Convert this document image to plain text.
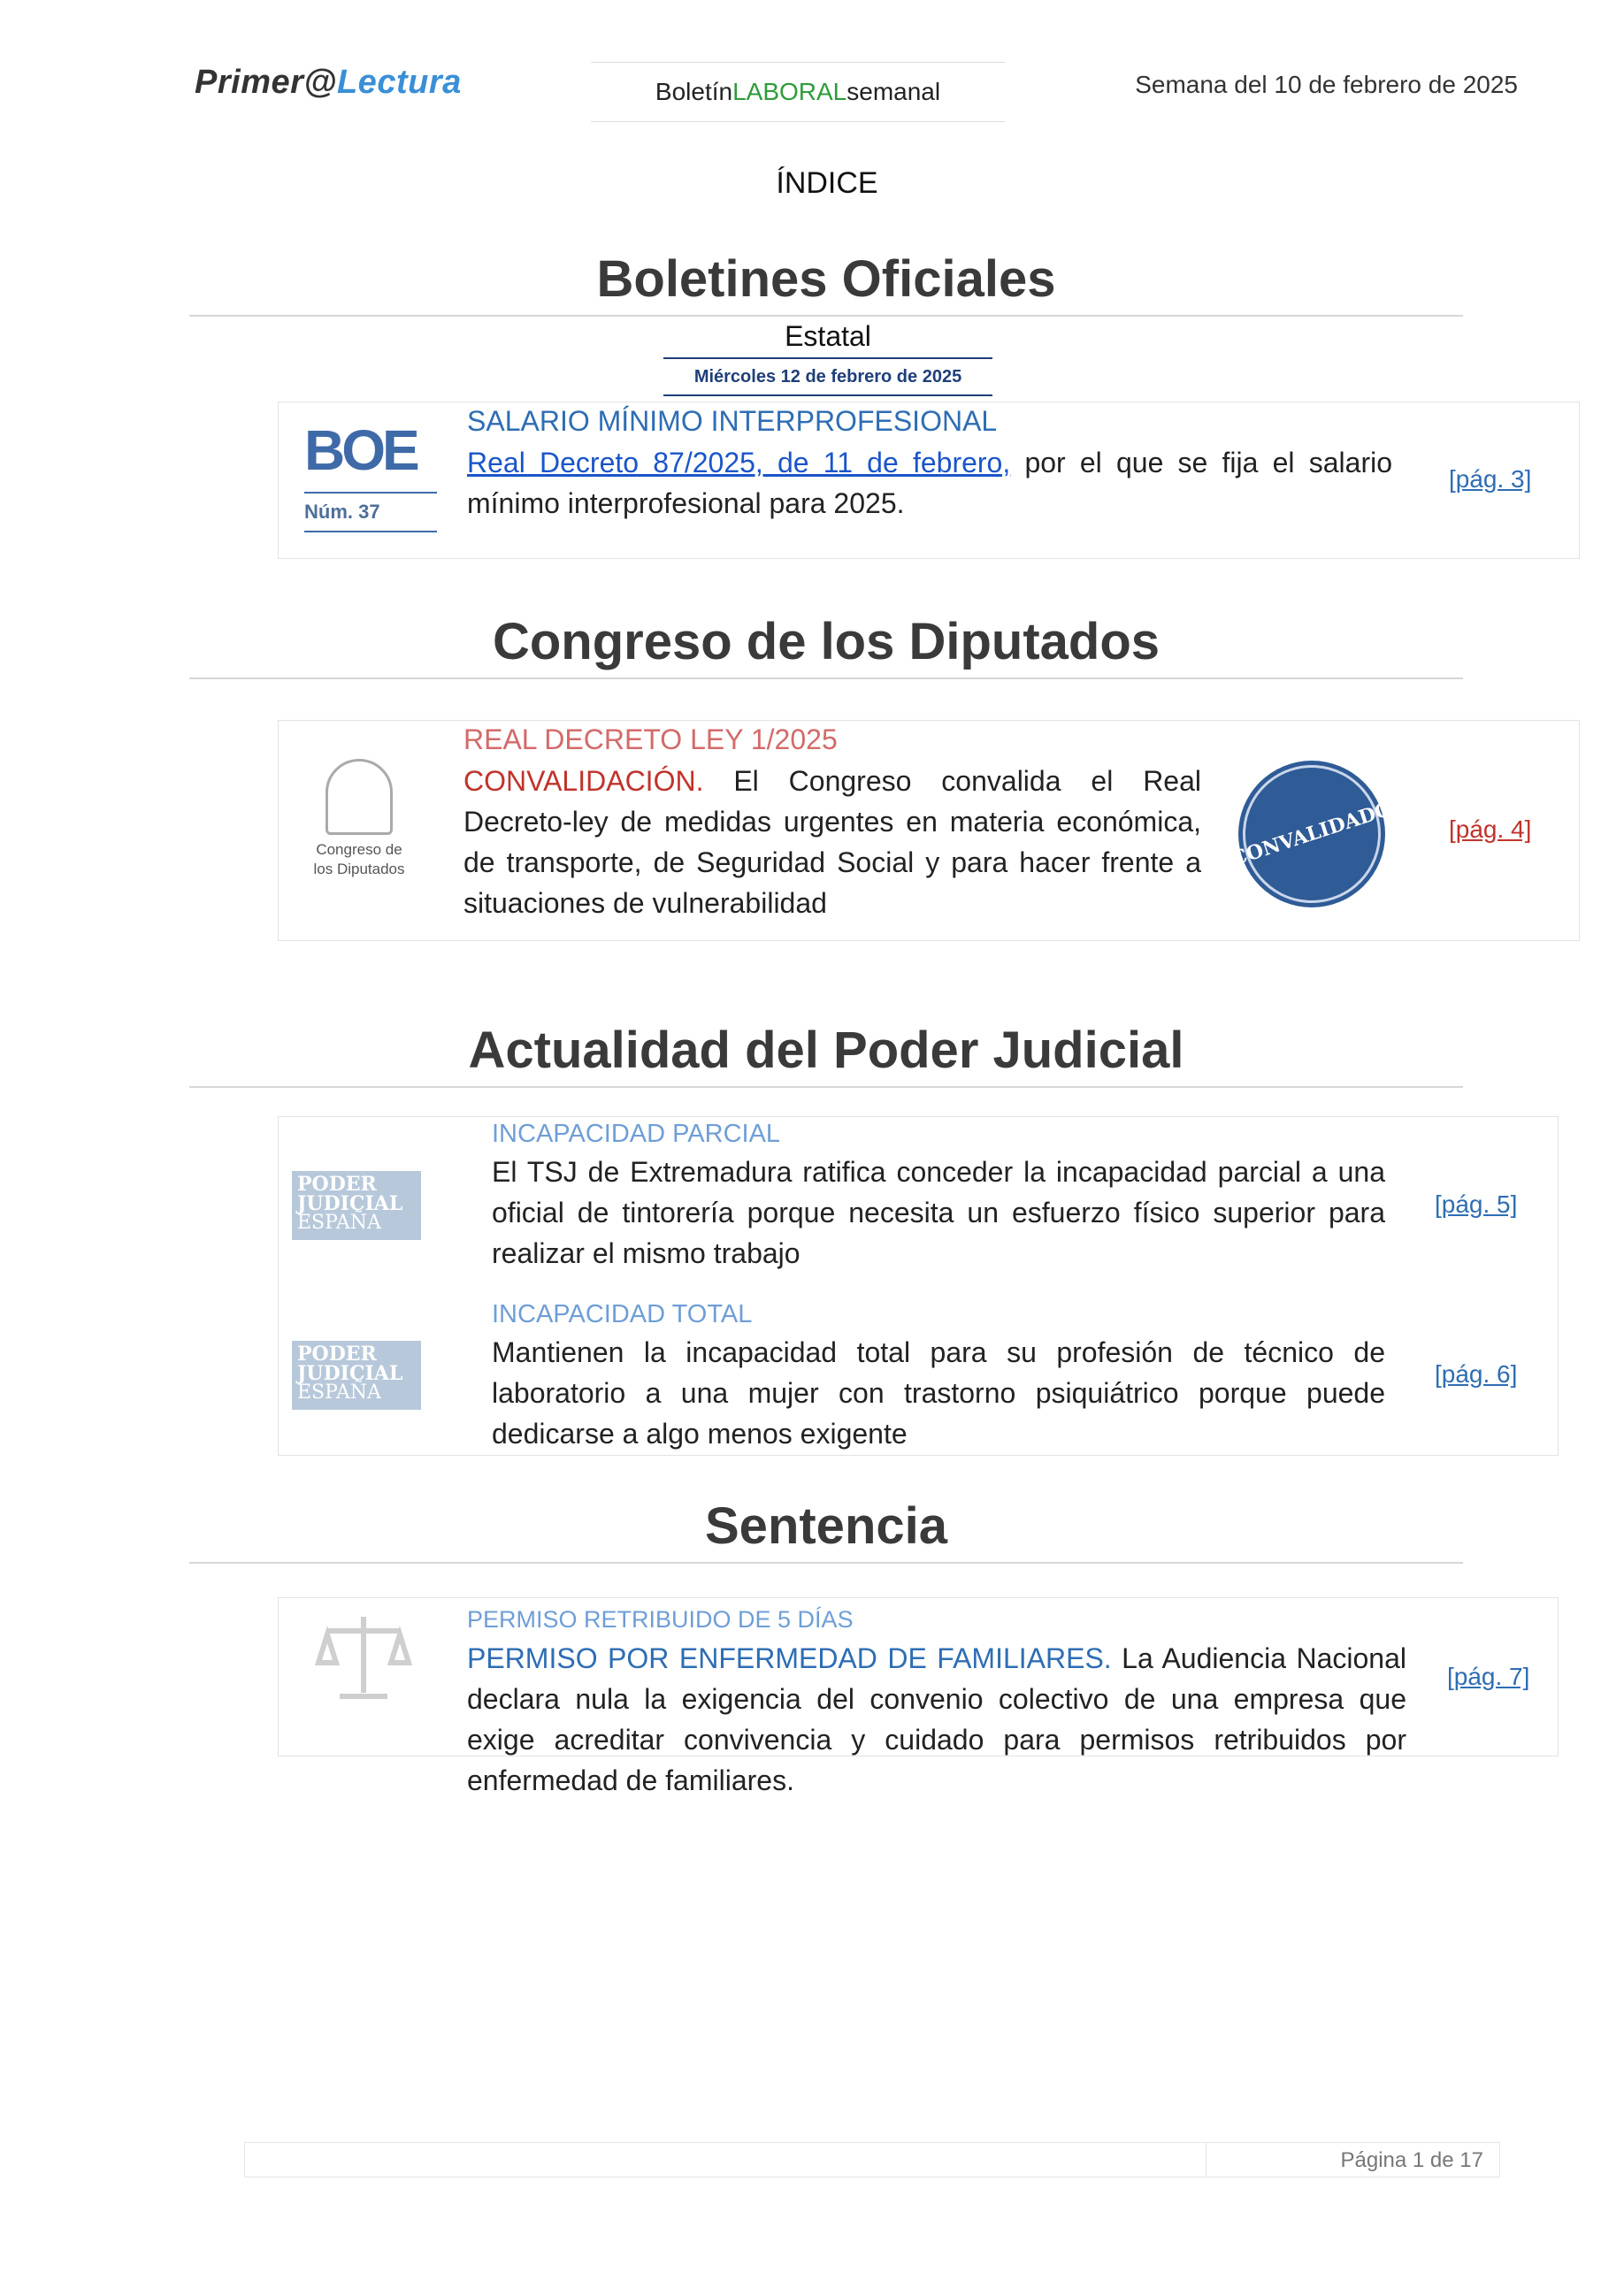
Primer@Lectura	Boletín LABORAL semanal	Semana del 10 de febrero de 2025
ÍNDICE
Boletines Oficiales
Estatal
Miércoles 12 de febrero de 2025
BOE
Núm. 37
SALARIO MÍNIMO INTERPROFESIONAL
Real Decreto 87/2025, de 11 de febrero, por el que se fija el salario mínimo interprofesional para 2025.
[pág. 3]
Congreso de los Diputados
Congreso de
los Diputados
REAL DECRETO LEY 1/2025
CONVALIDACIÓN. El Congreso convalida el Real Decreto-ley de medidas urgentes en materia económica, de transporte, de Seguridad Social y para hacer frente a situaciones de vulnerabilidad
CONVALIDADO [pág. 4]
Actualidad del Poder Judicial
PODER
JUDICIAL
ESPAÑA
INCAPACIDAD PARCIAL
El TSJ de Extremadura ratifica conceder la incapacidad parcial a una oficial de tintorería porque necesita un esfuerzo físico superior para realizar el mismo trabajo
[pág. 5]
PODER
JUDICIAL
ESPAÑA
INCAPACIDAD TOTAL
Mantienen la incapacidad total para su profesión de técnico de laboratorio a una mujer con trastorno psiquiátrico porque puede dedicarse a algo menos exigente
[pág. 6]
Sentencia
PERMISO RETRIBUIDO DE 5 DÍAS
PERMISO POR ENFERMEDAD DE FAMILIARES. La Audiencia Nacional declara nula la exigencia del convenio colectivo de una empresa que exige acreditar convivencia y cuidado para permisos retribuidos por enfermedad de familiares.
[pág. 7]
Página 1 de 17
